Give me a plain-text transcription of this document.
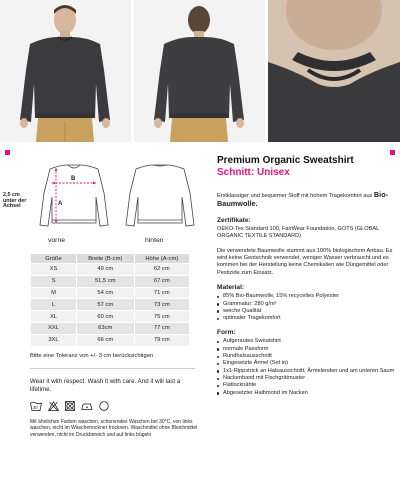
Premium Organic Sweatshirt
Schnitt: Unisex

Erstklassiger und bequemer Stoff mit hohem Tragekomfort aus Bio-Baumwolle.

Zertifikate:

OEKO-Tex Standard 100, FairWear Foundation, GOTS (GLOBAL ORGANIC TEXTILE STANDARD)

Die verwendete Baumwolle stammt aus 100% biologischem Anbau. Es wird keine Gentechnik verwendet, weniger Wasser verbraucht und es kommen bei der Herstellung keine Chemikalien wie Düngemittel oder Pestizide zum Einsatz.

Material:
85% Bio-Baumwolle, 15% recyceltes Polyester
Grammatur: 280 g/m²
weiche Qualität
optimaler Tragekomfort
Form:
Aufgerautes Sweatshirt
normale Passform
Rundhalsausschnitt
Eingesetzte Ärmel (Set in)
1x1-Rippstrick an Halsausschnitt, Ärmelenden und am unteren Saum
Nackenband mit Fischgrätmuster
Flatlocknähte
Abgesetzter Halbmond im Nacken
2,5 cm unter der Achsel
B
A
vorne	hinten
Größe	Breite (B-cm)	Höhe (A-cm)
XS	49 cm	62 cm
S	51,5 cm	67 cm
M	54 cm	71 cm
L	57 cm	73 cm
XL	60 cm	75 cm
XXL	63cm	77 cm
3XL	66 cm	79 cm
Bitte eine Toleranz von +/- 3 cm berücksichtigen
Wear it with respect. Wash it with care. And it will last a lifetime.
30
Mit ähnlichen Farben waschen, schonendes Waschen bei 30°C, von links waschen, nicht im Wäschetrockner trocknen. Waschmittel ohne Bleichmittel verwenden, nicht im Druckbereich und auf links bügeln
